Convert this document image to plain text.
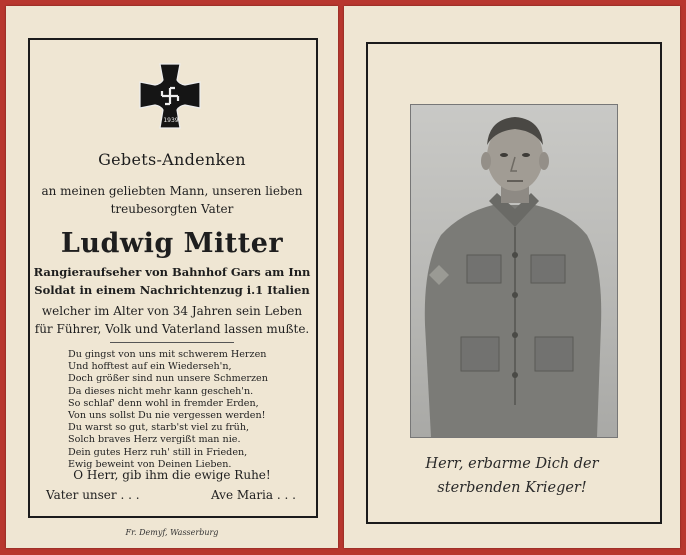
1939
Gebets-Andenken
an meinen geliebten Mann, unseren lieben
treubesorgten Vater
Ludwig Mitter
Rangieraufseher von Bahnhof Gars am Inn
Soldat in einem Nachrichtenzug i.1 Italien
welcher im Alter von 34 Jahren sein Leben
für Führer, Volk und Vaterland lassen mußte.
Du gingst von uns mit schwerem Herzen
Und hofftest auf ein Wiederseh'n,
Doch größer sind nun unsere Schmerzen
Da dieses nicht mehr kann gescheh'n.
So schlaf' denn wohl in fremder Erden,
Von uns sollst Du nie vergessen werden!
Du warst so gut, starb'st viel zu früh,
Solch braves Herz vergißt man nie.
Dein gutes Herz ruh' still in Frieden,
Ewig beweint von Deinen Lieben.
O Herr, gib ihm die ewige Ruhe!
Vater unser . . .	Ave Maria . . .
Fr. Demyf, Wasserburg
Herr, erbarme Dich der
sterbenden Krieger!
